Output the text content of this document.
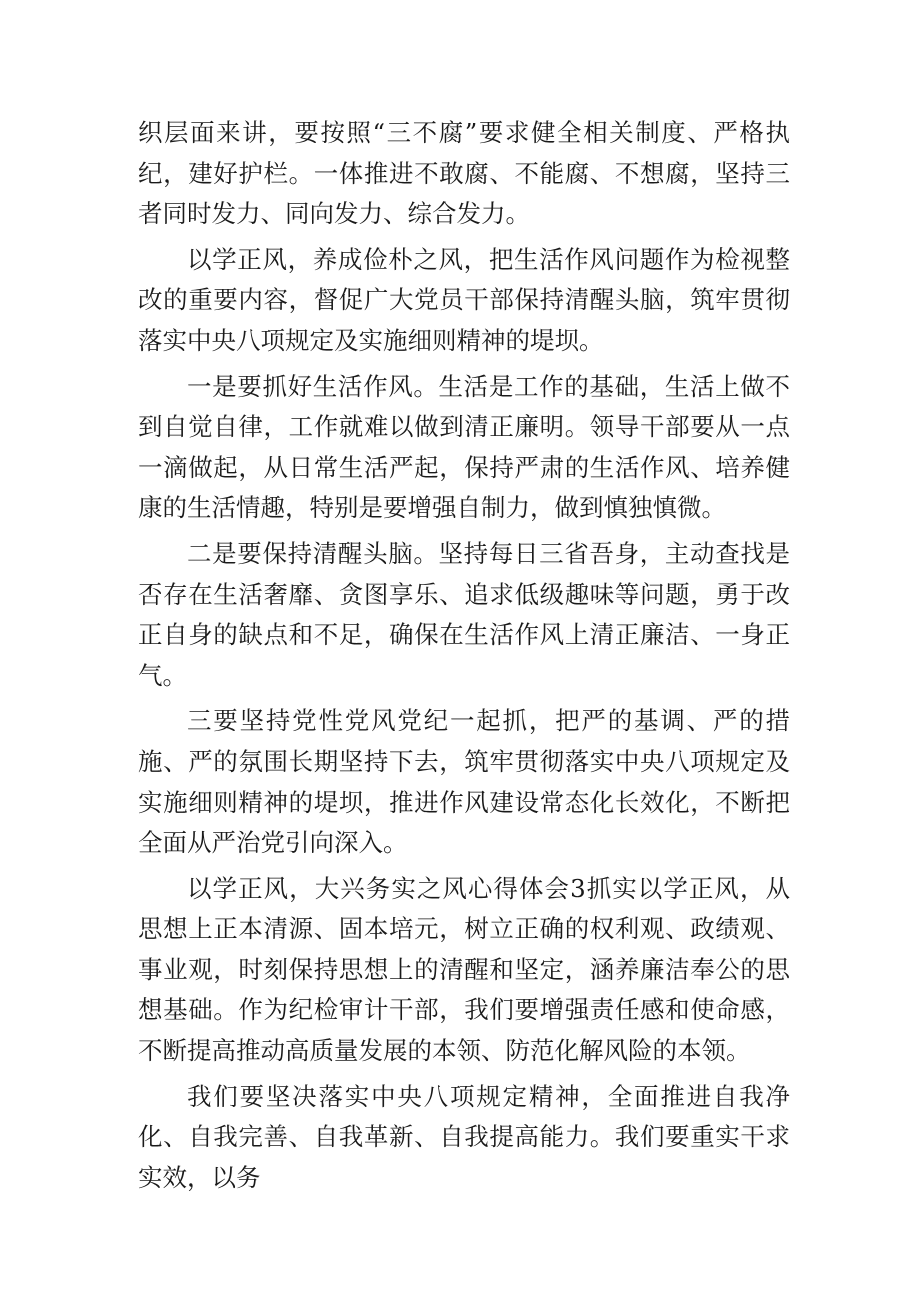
织层面来讲，要按照“三不腐”要求健全相关制度、严格执纪，建好护栏。一体推进不敢腐、不能腐、不想腐，坚持三者同时发力、同向发力、综合发力。

以学正风，养成俭朴之风，把生活作风问题作为检视整改的重要内容，督促广大党员干部保持清醒头脑，筑牢贯彻落实中央八项规定及实施细则精神的堤坝。

一是要抓好生活作风。生活是工作的基础，生活上做不到自觉自律，工作就难以做到清正廉明。领导干部要从一点一滴做起，从日常生活严起，保持严肃的生活作风、培养健康的生活情趣，特别是要增强自制力，做到慎独慎微。

二是要保持清醒头脑。坚持每日三省吾身，主动查找是否存在生活奢靡、贪图享乐、追求低级趣味等问题，勇于改正自身的缺点和不足，确保在生活作风上清正廉洁、一身正气。

三要坚持党性党风党纪一起抓，把严的基调、严的措施、严的氛围长期坚持下去，筑牢贯彻落实中央八项规定及实施细则精神的堤坝，推进作风建设常态化长效化，不断把全面从严治党引向深入。

以学正风，大兴务实之风心得体会3抓实以学正风，从思想上正本清源、固本培元，树立正确的权利观、政绩观、事业观，时刻保持思想上的清醒和坚定，涵养廉洁奉公的思想基础。作为纪检审计干部，我们要增强责任感和使命感，不断提高推动高质量发展的本领、防范化解风险的本领。

我们要坚决落实中央八项规定精神，全面推进自我净化、自我完善、自我革新、自我提高能力。我们要重实干求实效，以务
